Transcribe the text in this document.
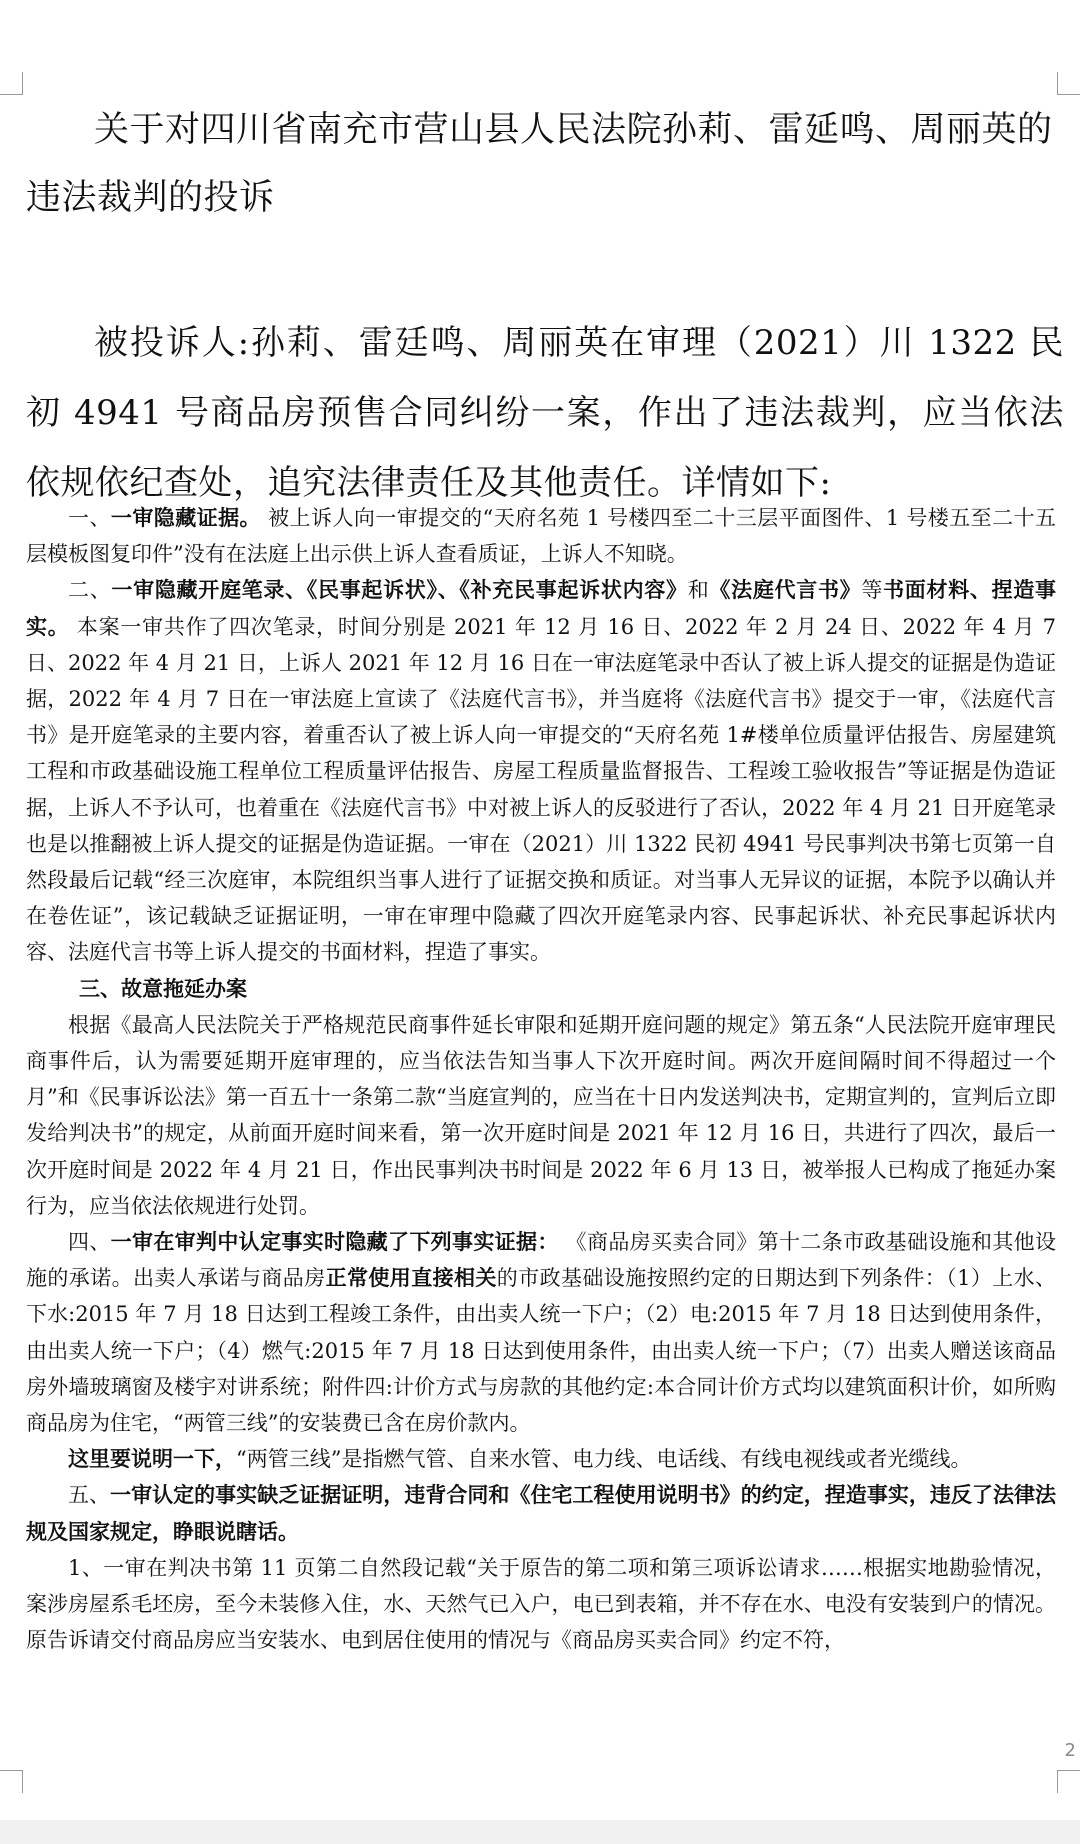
关于对四川省南充市营山县人民法院孙莉、雷延鸣、周丽英的违法裁判的投诉

被投诉人:孙莉、雷廷鸣、周丽英在审理（2021）川 1322 民初 4941 号商品房预售合同纠纷一案，作出了违法裁判，应当依法依规依纪查处，追究法律责任及其他责任。详情如下:

一、一审隐藏证据。 被上诉人向一审提交的“天府名苑 1 号楼四至二十三层平面图件、1 号楼五至二十五层模板图复印件”没有在法庭上出示供上诉人查看质证，上诉人不知晓。

二、一审隐藏开庭笔录、《民事起诉状》、《补充民事起诉状内容》和《法庭代言书》等书面材料、捏造事实。 本案一审共作了四次笔录，时间分别是 2021 年 12 月 16 日、2022 年 2 月 24 日、2022 年 4 月 7 日、2022 年 4 月 21 日，上诉人 2021 年 12 月 16 日在一审法庭笔录中否认了被上诉人提交的证据是伪造证据，2022 年 4 月 7 日在一审法庭上宣读了《法庭代言书》，并当庭将《法庭代言书》提交于一审，《法庭代言书》是开庭笔录的主要内容，着重否认了被上诉人向一审提交的“天府名苑 1#楼单位质量评估报告、房屋建筑工程和市政基础设施工程单位工程质量评估报告、房屋工程质量监督报告、工程竣工验收报告”等证据是伪造证据，上诉人不予认可，也着重在《法庭代言书》中对被上诉人的反驳进行了否认，2022 年 4 月 21 日开庭笔录也是以推翻被上诉人提交的证据是伪造证据。一审在（2021）川 1322 民初 4941 号民事判决书第七页第一自然段最后记载“经三次庭审，本院组织当事人进行了证据交换和质证。对当事人无异议的证据，本院予以确认并在卷佐证”，该记载缺乏证据证明，一审在审理中隐藏了四次开庭笔录内容、民事起诉状、补充民事起诉状内容、法庭代言书等上诉人提交的书面材料，捏造了事实。

三、故意拖延办案

根据《最高人民法院关于严格规范民商事件延长审限和延期开庭问题的规定》第五条“人民法院开庭审理民商事件后，认为需要延期开庭审理的，应当依法告知当事人下次开庭时间。两次开庭间隔时间不得超过一个月”和《民事诉讼法》第一百五十一条第二款“当庭宣判的，应当在十日内发送判决书，定期宣判的，宣判后立即发给判决书”的规定，从前面开庭时间来看，第一次开庭时间是 2021 年 12 月 16 日，共进行了四次，最后一次开庭时间是 2022 年 4 月 21 日，作出民事判决书时间是 2022 年 6 月 13 日，被举报人已构成了拖延办案行为，应当依法依规进行处罚。

四、一审在审判中认定事实时隐藏了下列事实证据： 《商品房买卖合同》第十二条市政基础设施和其他设施的承诺。出卖人承诺与商品房正常使用直接相关的市政基础设施按照约定的日期达到下列条件：（1）上水、下水:2015 年 7 月 18 日达到工程竣工条件，由出卖人统一下户；（2）电:2015 年 7 月 18 日达到使用条件，由出卖人统一下户；（4）燃气:2015 年 7 月 18 日达到使用条件，由出卖人统一下户；（7）出卖人赠送该商品房外墙玻璃窗及楼宇对讲系统；附件四:计价方式与房款的其他约定:本合同计价方式均以建筑面积计价，如所购商品房为住宅，“两管三线”的安装费已含在房价款内。

这里要说明一下，“两管三线”是指燃气管、自来水管、电力线、电话线、有线电视线或者光缆线。

五、一审认定的事实缺乏证据证明，违背合同和《住宅工程使用说明书》的约定，捏造事实，违反了法律法规及国家规定，睁眼说瞎话。

1、一审在判决书第 11 页第二自然段记载“关于原告的第二项和第三项诉讼请求……根据实地勘验情况，案涉房屋系毛坯房，至今未装修入住，水、天然气已入户，电已到表箱，并不存在水、电没有安装到户的情况。原告诉请交付商品房应当安装水、电到居住使用的情况与《商品房买卖合同》约定不符，

2
